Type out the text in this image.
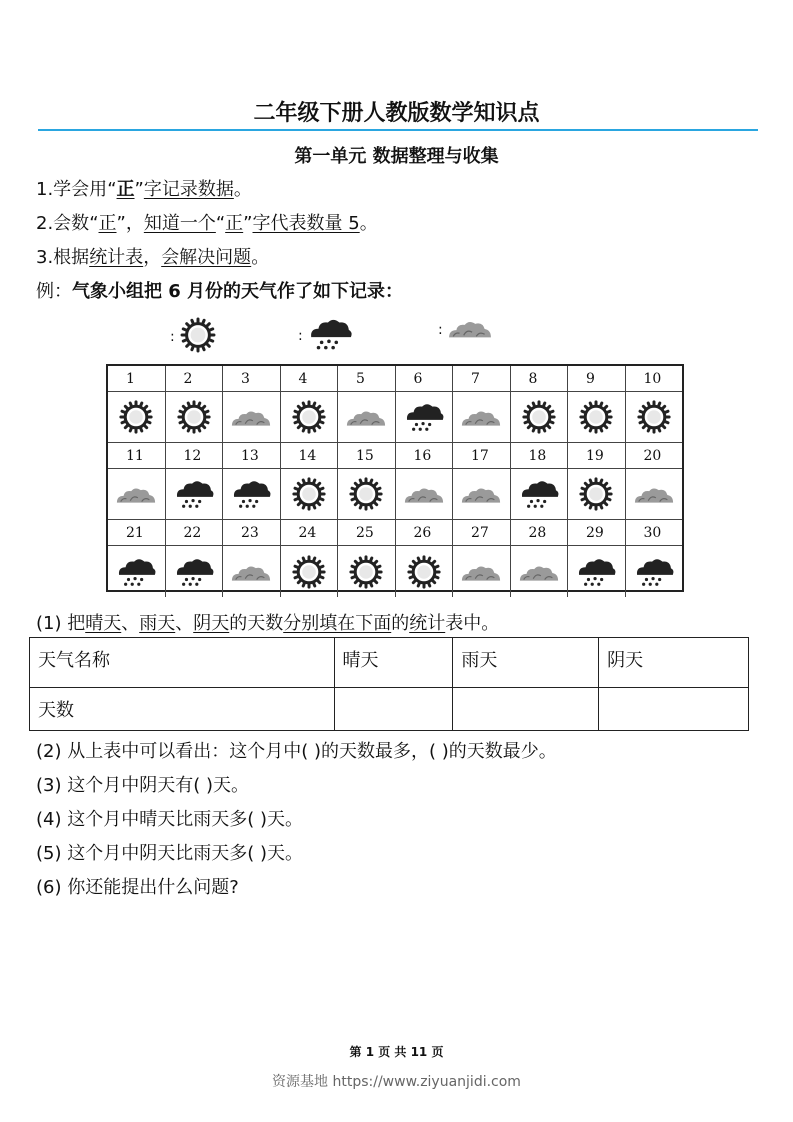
二年级下册人教版数学知识点
第一单元 数据整理与收集
1.学会用“正”字记录数据。
2.会数“正”，知道一个“正”字代表数量 5。
3.根据统计表，会解决问题。
例：气象小组把 6 月份的天气作了如下记录：
:	:	:
1	2	3	4	5	6	7	8	9	10
11	12	13	14	15	16	17	18	19	20
21	22	23	24	25	26	27	28	29	30
(1) 把晴天、雨天、阴天的天数分别填在下面的统计表中。
天气名称	晴天	雨天	阴天
天数			
(2) 从上表中可以看出：这个月中( )的天数最多，( )的天数最少。
(3) 这个月中阴天有( )天。
(4) 这个月中晴天比雨天多( )天。
(5) 这个月中阴天比雨天多( )天。
(6) 你还能提出什么问题?
第 1 页 共 11 页
资源基地 https://www.ziyuanjidi.com
